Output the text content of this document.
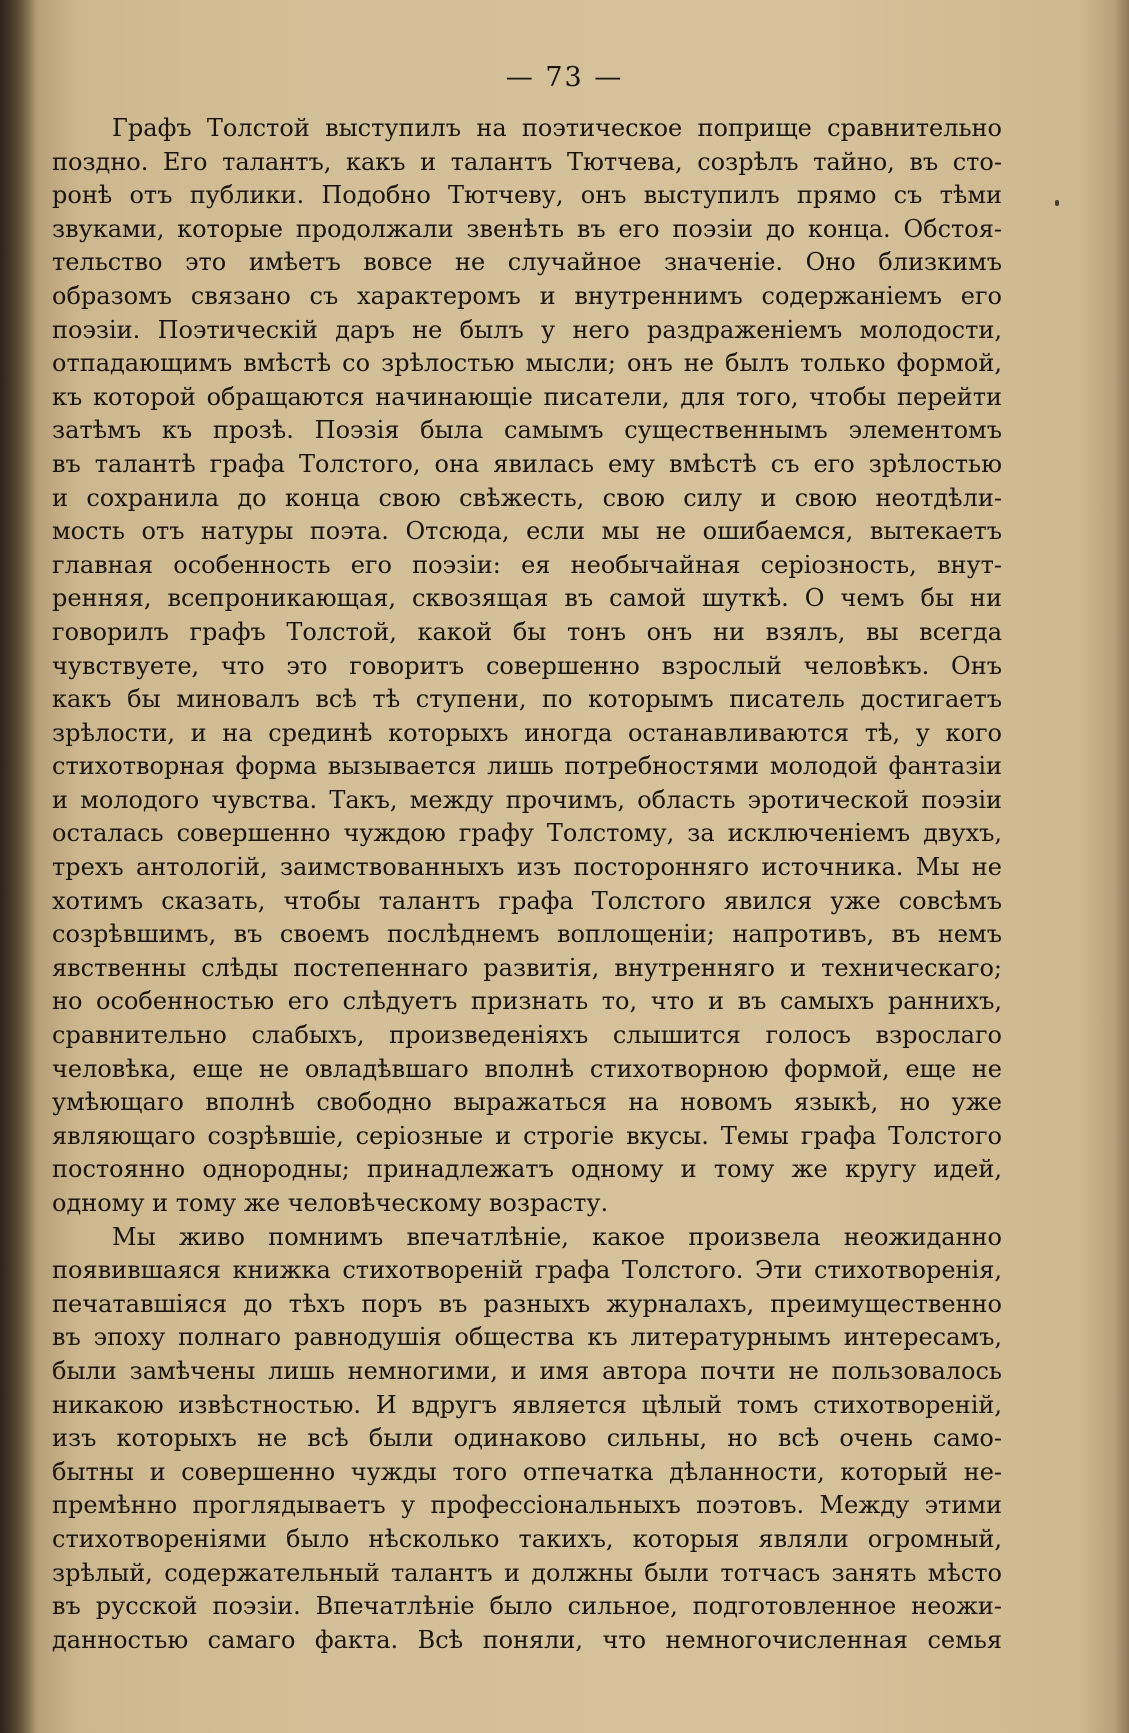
— 73 —
Графъ Толстой выступилъ на поэтическое поприще сравнительно
поздно. Его талантъ, какъ и талантъ Тютчева, созрѣлъ тайно, въ сто-
ронѣ отъ публики. Подобно Тютчеву, онъ выступилъ прямо съ тѣми
звуками, которые продолжали звенѣть въ его поэзіи до конца. Обстоя-
тельство это имѣетъ вовсе не случайное значеніе. Оно близкимъ
образомъ связано съ характеромъ и внутреннимъ содержаніемъ его
поэзіи. Поэтическій даръ не былъ у него раздраженіемъ молодости,
отпадающимъ вмѣстѣ со зрѣлостью мысли; онъ не былъ только формой,
къ которой обращаются начинающіе писатели, для того, чтобы перейти
затѣмъ къ прозѣ. Поэзія была самымъ существеннымъ элементомъ
въ талантѣ графа Толстого, она явилась ему вмѣстѣ съ его зрѣлостью
и сохранила до конца свою свѣжесть, свою силу и свою неотдѣли-
мость отъ натуры поэта. Отсюда, если мы не ошибаемся, вытекаетъ
главная особенность его поэзіи: ея необычайная серіозность, внут-
ренняя, всепроникающая, сквозящая въ самой шуткѣ. О чемъ бы ни
говорилъ графъ Толстой, какой бы тонъ онъ ни взялъ, вы всегда
чувствуете, что это говоритъ совершенно взрослый человѣкъ. Онъ
какъ бы миновалъ всѣ тѣ ступени, по которымъ писатель достигаетъ
зрѣлости, и на срединѣ которыхъ иногда останавливаются тѣ, у кого
стихотворная форма вызывается лишь потребностями молодой фантазіи
и молодого чувства. Такъ, между прочимъ, область эротической поэзіи
осталась совершенно чуждою графу Толстому, за исключеніемъ двухъ,
трехъ антологій, заимствованныхъ изъ посторонняго источника. Мы не
хотимъ сказать, чтобы талантъ графа Толстого явился уже совсѣмъ
созрѣвшимъ, въ своемъ послѣднемъ воплощеніи; напротивъ, въ немъ
явственны слѣды постепеннаго развитія, внутренняго и техническаго;
но особенностью его слѣдуетъ признать то, что и въ самыхъ раннихъ,
сравнительно слабыхъ, произведеніяхъ слышится голосъ взрослаго
человѣка, еще не овладѣвшаго вполнѣ стихотворною формой, еще не
умѣющаго вполнѣ свободно выражаться на новомъ языкѣ, но уже
являющаго созрѣвшіе, серіозные и строгіе вкусы. Темы графа Толстого
постоянно однородны; принадлежатъ одному и тому же кругу идей,
одному и тому же человѣческому возрасту.
Мы живо помнимъ впечатлѣніе, какое произвела неожиданно
появившаяся книжка стихотвореній графа Толстого. Эти стихотворенія,
печатавшіяся до тѣхъ поръ въ разныхъ журналахъ, преимущественно
въ эпоху полнаго равнодушія общества къ литературнымъ интересамъ,
были замѣчены лишь немногими, и имя автора почти не пользовалось
никакою извѣстностью. И вдругъ является цѣлый томъ стихотвореній,
изъ которыхъ не всѣ были одинаково сильны, но всѣ очень само-
бытны и совершенно чужды того отпечатка дѣланности, который не-
премѣнно проглядываетъ у профессіональныхъ поэтовъ. Между этими
стихотвореніями было нѣсколько такихъ, которыя являли огромный,
зрѣлый, содержательный талантъ и должны были тотчасъ занять мѣсто
въ русской поэзіи. Впечатлѣніе было сильное, подготовленное неожи-
данностью самаго факта. Всѣ поняли, что немногочисленная семья
